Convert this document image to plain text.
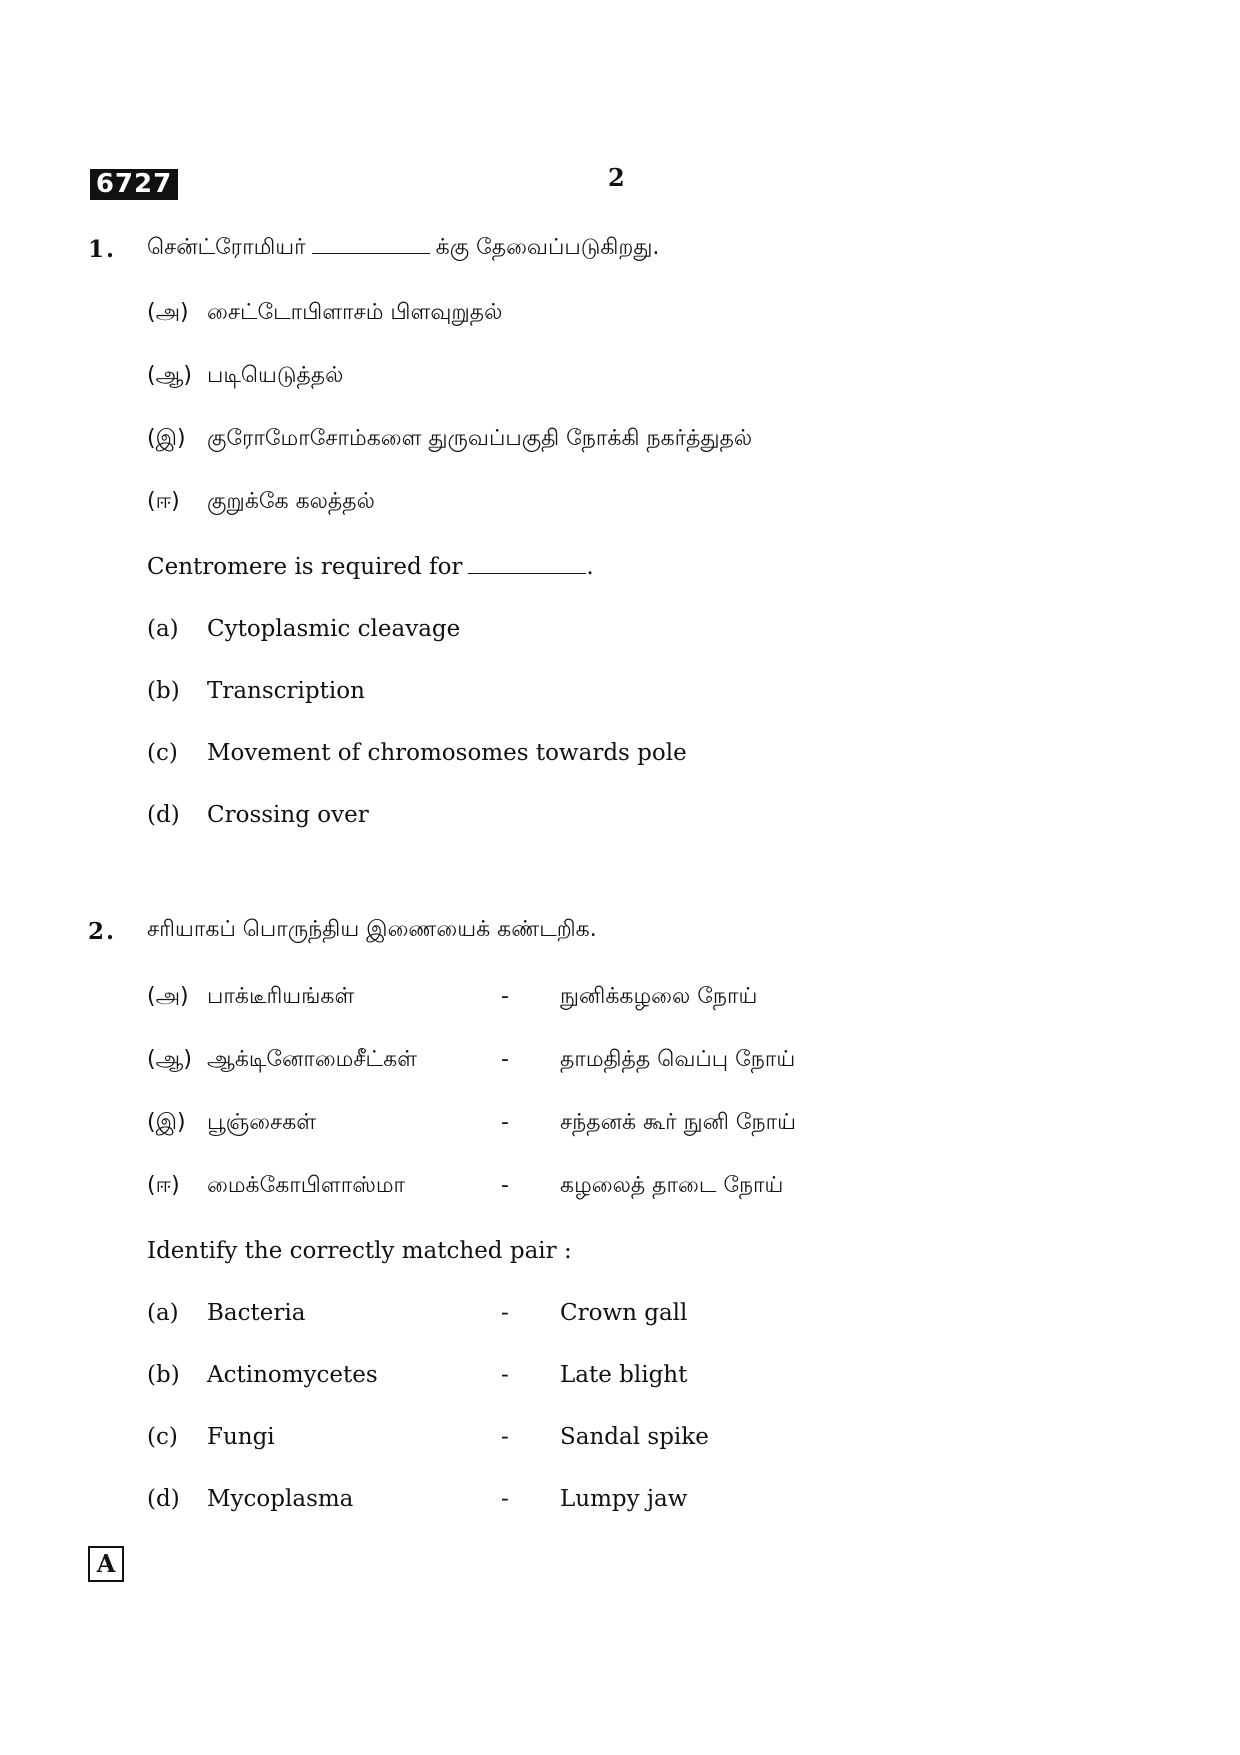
6727	2
1. சென்ட்ரோமியர்	க்கு தேவைப்படுகிறது.
(அ) சைட்டோபிளாசம் பிளவுறுதல்
(ஆ) படியெடுத்தல்
(இ) குரோமோசோம்களை துருவப்பகுதி நோக்கி நகர்த்துதல்
(ஈ) குறுக்கே கலத்தல்
Centromere is required for	.
(a) Cytoplasmic cleavage
(b) Transcription
(c) Movement of chromosomes towards pole
(d) Crossing over
2. சரியாகப் பொருந்திய இணையைக் கண்டறிக.
(அ) பாக்டீரியங்கள்	- நுனிக்கழலை நோய்
(ஆ) ஆக்டினோமைசீட்கள்	- தாமதித்த வெப்பு நோய்
(இ) பூஞ்சைகள்	- சந்தனக் கூர் நுனி நோய்
(ஈ) மைக்கோபிளாஸ்மா	- கழலைத் தாடை நோய்
Identify the correctly matched pair :
(a) Bacteria	- Crown gall
(b) Actinomycetes	- Late blight
(c) Fungi	- Sandal spike
(d) Mycoplasma	- Lumpy jaw
A
